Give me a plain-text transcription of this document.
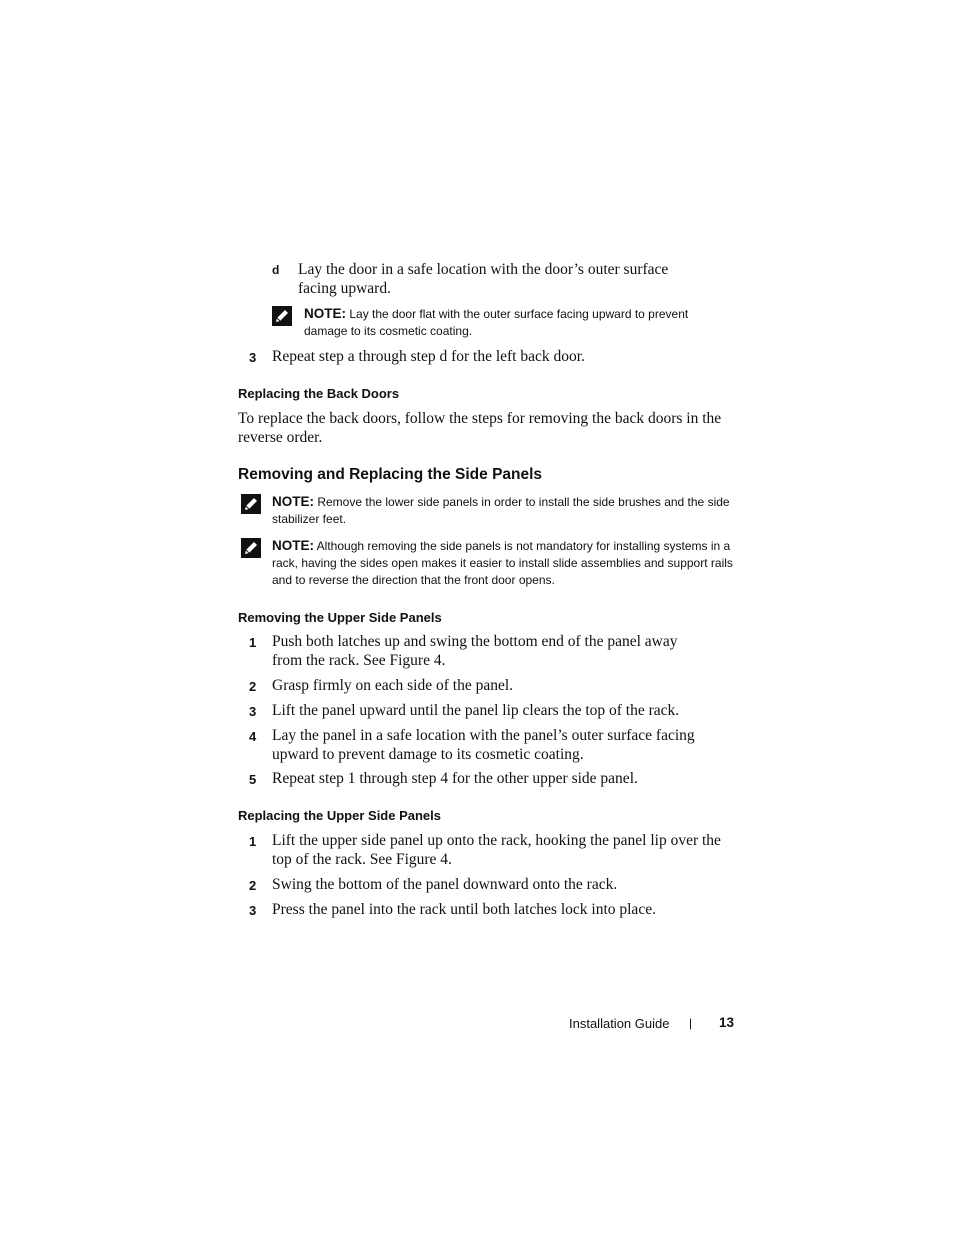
d Lay the door in a safe location with the door’s outer surface facing upward.
NOTE: Lay the door flat with the outer surface facing upward to prevent damage to its cosmetic coating.
3 Repeat step a through step d for the left back door.
Replacing the Back Doors
To replace the back doors, follow the steps for removing the back doors in the reverse order.
Removing and Replacing the Side Panels
NOTE: Remove the lower side panels in order to install the side brushes and the side stabilizer feet.
NOTE: Although removing the side panels is not mandatory for installing systems in a rack, having the sides open makes it easier to install slide assemblies and support rails and to reverse the direction that the front door opens.
Removing the Upper Side Panels
1 Push both latches up and swing the bottom end of the panel away from the rack. See Figure 4.
2 Grasp firmly on each side of the panel.
3 Lift the panel upward until the panel lip clears the top of the rack.
4 Lay the panel in a safe location with the panel’s outer surface facing upward to prevent damage to its cosmetic coating.
5 Repeat step 1 through step 4 for the other upper side panel.
Replacing the Upper Side Panels
1 Lift the upper side panel up onto the rack, hooking the panel lip over the top of the rack. See Figure 4.
2 Swing the bottom of the panel downward onto the rack.
3 Press the panel into the rack until both latches lock into place.
Installation Guide | 13
